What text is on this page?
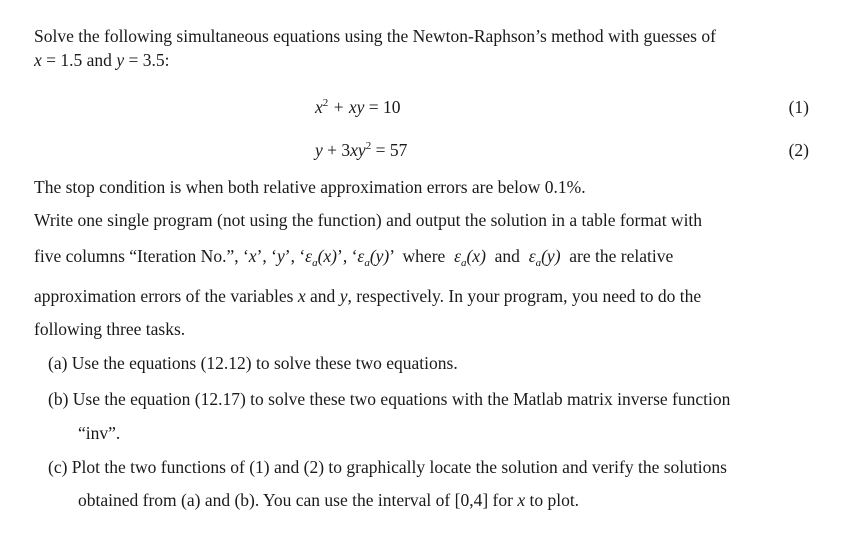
Solve the following simultaneous equations using the Newton-Raphson’s method with guesses of
x = 1.5 and y = 3.5:
$x^2$ + xy = 10	(1)
$y + 3xy^2 = 57$	(2)
The stop condition is when both relative approximation errors are below 0.1%.
Write one single program (not using the function) and output the solution in a table format with
five columns “Iteration No.”, ‘x’, ‘y’, ‘$\varepsilon_a(x)$’, ‘$\varepsilon_a(y)$’ where $\varepsilon_a(x)$ and $\varepsilon_a(y)$ are the relative
approximation errors of the variables x and y, respectively. In your program, you need to do the
following three tasks.
(a) Use the equations (12.12) to solve these two equations.
(b) Use the equation (12.17) to solve these two equations with the Matlab matrix inverse function
“inv”.
(c) Plot the two functions of (1) and (2) to graphically locate the solution and verify the solutions
obtained from (a) and (b). You can use the interval of [0,4] for x to plot.
